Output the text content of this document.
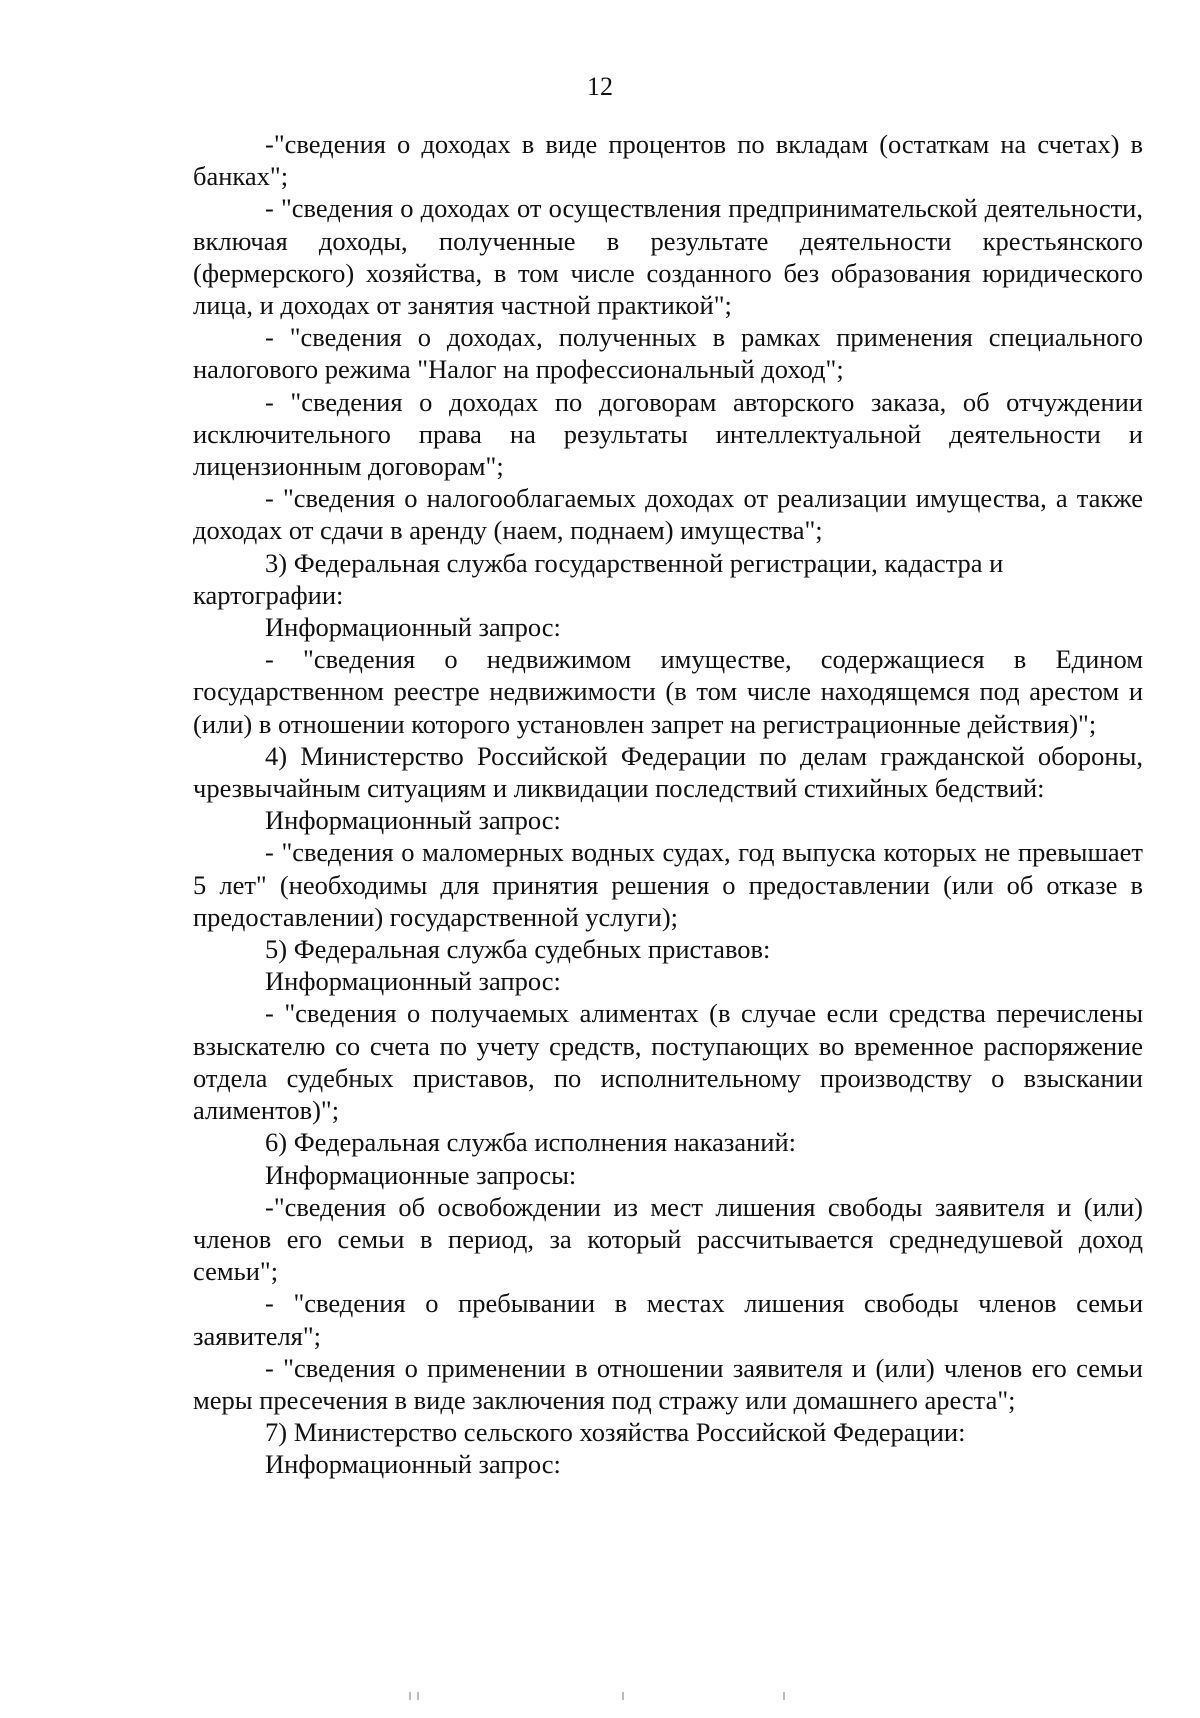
12

-"сведения о доходах в виде процентов по вкладам (остаткам на счетах) в банках";

- "сведения о доходах от осуществления предпринимательской деятельности, включая доходы, полученные в результате деятельности крестьянского (фермерского) хозяйства, в том числе созданного без образования юридического лица, и доходах от занятия частной практикой";

- "сведения о доходах, полученных в рамках применения специального налогового режима "Налог на профессиональный доход";

- "сведения о доходах по договорам авторского заказа, об отчуждении исключительного права на результаты интеллектуальной деятельности и лицензионным договорам";

- "сведения о налогооблагаемых доходах от реализации имущества, а также доходах от сдачи в аренду (наем, поднаем) имущества";

3) Федеральная служба государственной регистрации, кадастра и картографии:

Информационный запрос:

- "сведения о недвижимом имуществе, содержащиеся в Едином государственном реестре недвижимости (в том числе находящемся под арестом и (или) в отношении которого установлен запрет на регистрационные действия)";

4) Министерство Российской Федерации по делам гражданской обороны, чрезвычайным ситуациям и ликвидации последствий стихийных бедствий:

Информационный запрос:

- "сведения о маломерных водных судах, год выпуска которых не превышает 5 лет" (необходимы для принятия решения о предоставлении (или об отказе в предоставлении) государственной услуги);

5) Федеральная служба судебных приставов:

Информационный запрос:

- "сведения о получаемых алиментах (в случае если средства перечислены взыскателю со счета по учету средств, поступающих во временное распоряжение отдела судебных приставов, по исполнительному производству о взыскании алиментов)";

6) Федеральная служба исполнения наказаний:

Информационные запросы:

-"сведения об освобождении из мест лишения свободы заявителя и (или) членов его семьи в период, за который рассчитывается среднедушевой доход семьи";

- "сведения о пребывании в местах лишения свободы членов семьи заявителя";

- "сведения о применении в отношении заявителя и (или) членов его семьи меры пресечения в виде заключения под стражу или домашнего ареста";

7) Министерство сельского хозяйства Российской Федерации:

Информационный запрос:
